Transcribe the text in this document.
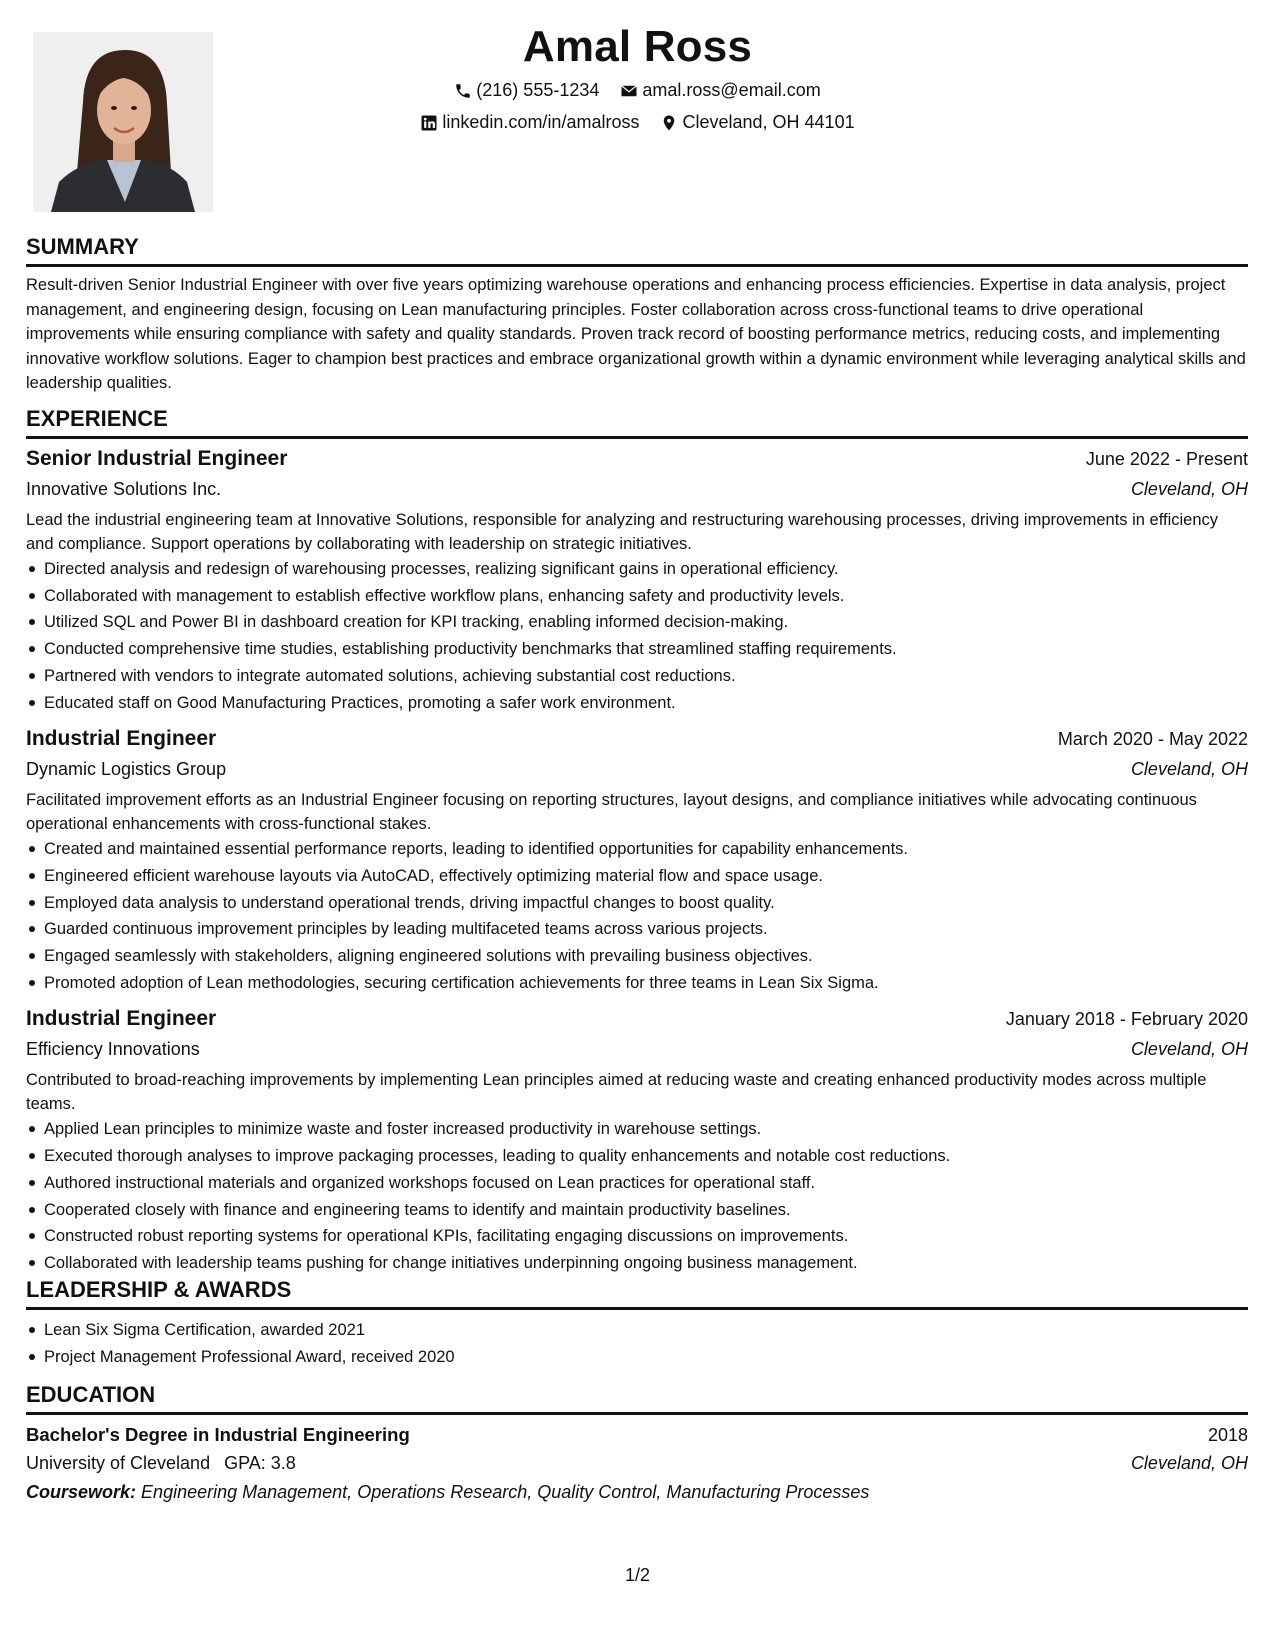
Amal Ross
(216) 555-1234
amal.ross@email.com
linkedin.com/in/amalross
Cleveland, OH 44101
SUMMARY

Result-driven Senior Industrial Engineer with over five years optimizing warehouse operations and enhancing process efficiencies. Expertise in data analysis, project management, and engineering design, focusing on Lean manufacturing principles. Foster collaboration across cross-functional teams to drive operational improvements while ensuring compliance with safety and quality standards. Proven track record of boosting performance metrics, reducing costs, and implementing innovative workflow solutions. Eager to champion best practices and embrace organizational growth within a dynamic environment while leveraging analytical skills and leadership qualities.

EXPERIENCE
Senior Industrial Engineer	June 2022 - Present
Innovative Solutions Inc.	Cleveland, OH

Lead the industrial engineering team at Innovative Solutions, responsible for analyzing and restructuring warehousing processes, driving improvements in efficiency and compliance. Support operations by collaborating with leadership on strategic initiatives.

Directed analysis and redesign of warehousing processes, realizing significant gains in operational efficiency.
Collaborated with management to establish effective workflow plans, enhancing safety and productivity levels.
Utilized SQL and Power BI in dashboard creation for KPI tracking, enabling informed decision-making.
Conducted comprehensive time studies, establishing productivity benchmarks that streamlined staffing requirements.
Partnered with vendors to integrate automated solutions, achieving substantial cost reductions.
Educated staff on Good Manufacturing Practices, promoting a safer work environment.
Industrial Engineer	March 2020 - May 2022
Dynamic Logistics Group	Cleveland, OH

Facilitated improvement efforts as an Industrial Engineer focusing on reporting structures, layout designs, and compliance initiatives while advocating continuous operational enhancements with cross-functional stakes.

Created and maintained essential performance reports, leading to identified opportunities for capability enhancements.
Engineered efficient warehouse layouts via AutoCAD, effectively optimizing material flow and space usage.
Employed data analysis to understand operational trends, driving impactful changes to boost quality.
Guarded continuous improvement principles by leading multifaceted teams across various projects.
Engaged seamlessly with stakeholders, aligning engineered solutions with prevailing business objectives.
Promoted adoption of Lean methodologies, securing certification achievements for three teams in Lean Six Sigma.
Industrial Engineer	January 2018 - February 2020
Efficiency Innovations	Cleveland, OH

Contributed to broad-reaching improvements by implementing Lean principles aimed at reducing waste and creating enhanced productivity modes across multiple teams.

Applied Lean principles to minimize waste and foster increased productivity in warehouse settings.
Executed thorough analyses to improve packaging processes, leading to quality enhancements and notable cost reductions.
Authored instructional materials and organized workshops focused on Lean practices for operational staff.
Cooperated closely with finance and engineering teams to identify and maintain productivity baselines.
Constructed robust reporting systems for operational KPIs, facilitating engaging discussions on improvements.
Collaborated with leadership teams pushing for change initiatives underpinning ongoing business management.
LEADERSHIP & AWARDS
Lean Six Sigma Certification, awarded 2021
Project Management Professional Award, received 2020
EDUCATION
Bachelor's Degree in Industrial Engineering	2018
University of Cleveland GPA: 3.8	Cleveland, OH
Coursework: Engineering Management, Operations Research, Quality Control, Manufacturing Processes
1/2
